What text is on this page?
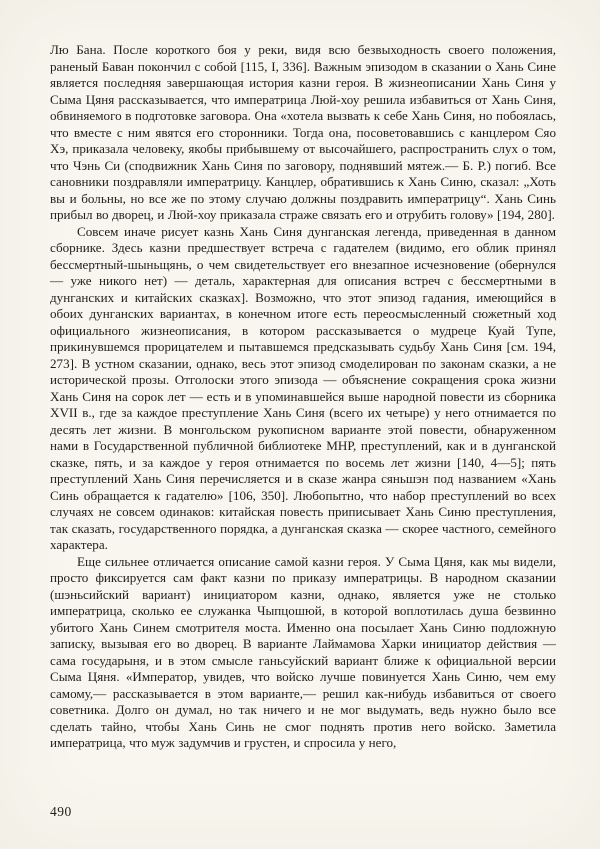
Лю Бана. После короткого боя у реки, видя всю безвыходность своего положения, раненый Баван покончил с собой [115, I, 336]. Важным эпизодом в сказании о Хань Сине является последняя завершающая история казни героя. В жизнеописании Хань Синя у Сыма Цяня рассказывается, что императрица Люй-хоу решила избавиться от Хань Синя, обвиняемого в подготовке заговора. Она «хотела вызвать к себе Хань Синя, но побоялась, что вместе с ним явятся его сторонники. Тогда она, посоветовавшись с канцлером Сяо Хэ, приказала человеку, якобы прибывшему от высочайшего, распространить слух о том, что Чэнь Си (сподвижник Хань Синя по заговору, поднявший мятеж.— Б. Р.) погиб. Все сановники поздравляли императрицу. Канцлер, обратившись к Хань Синю, сказал: „Хоть вы и больны, но все же по этому случаю должны поздравить императрицу“. Хань Синь прибыл во дворец, и Люй-хоу приказала страже связать его и отрубить голову» [194, 280].

Совсем иначе рисует казнь Хань Синя дунганская легенда, приведенная в данном сборнике. Здесь казни предшествует встреча с гадателем (видимо, его облик принял бессмертный-шыньщянь, о чем свидетельствует его внезапное исчезновение (обернулся — уже никого нет) — деталь, характерная для описания встреч с бессмертными в дунганских и китайских сказках]. Возможно, что этот эпизод гадания, имеющийся в обоих дунганских вариантах, в конечном итоге есть переосмысленный сюжетный ход официального жизнеописания, в котором рассказывается о мудреце Куай Тупе, прикинувшемся прорицателем и пытавшемся предсказывать судьбу Хань Синя [см. 194, 273]. В устном сказании, однако, весь этот эпизод смоделирован по законам сказки, а не исторической прозы. Отголоски этого эпизода — объяснение сокращения срока жизни Хань Синя на сорок лет — есть и в упоминавшейся выше народной повести из сборника XVII в., где за каждое преступление Хань Синя (всего их четыре) у него отнимается по десять лет жизни. В монгольском рукописном варианте этой повести, обнаруженном нами в Государственной публичной библиотеке МНР, преступлений, как и в дунганской сказке, пять, и за каждое у героя отнимается по восемь лет жизни [140, 4—5]; пять преступлений Хань Синя перечисляется и в сказе жанра сяньшэн под названием «Хань Синь обращается к гадателю» [106, 350]. Любопытно, что набор преступлений во всех случаях не совсем одинаков: китайская повесть приписывает Хань Синю преступления, так сказать, государственного порядка, а дунганская сказка — скорее частного, семейного характера.

Еще сильнее отличается описание самой казни героя. У Сыма Цяня, как мы видели, просто фиксируется сам факт казни по приказу императрицы. В народном сказании (шэньсийский вариант) инициатором казни, однако, является уже не столько императрица, сколько ее служанка Чыпцошюй, в которой воплотилась душа безвинно убитого Хань Синем смотрителя моста. Именно она посылает Хань Синю подложную записку, вызывая его во дворец. В варианте Лаймамова Харки инициатор действия — сама государыня, и в этом смысле ганьсуйский вариант ближе к официальной версии Сыма Цяня. «Император, увидев, что войско лучше повинуется Хань Синю, чем ему самому,— рассказывается в этом варианте,— решил как-нибудь избавиться от своего советника. Долго он думал, но так ничего и не мог выдумать, ведь нужно было все сделать тайно, чтобы Хань Синь не смог поднять против него войско. Заметила императрица, что муж задумчив и грустен, и спросила у него,

490
